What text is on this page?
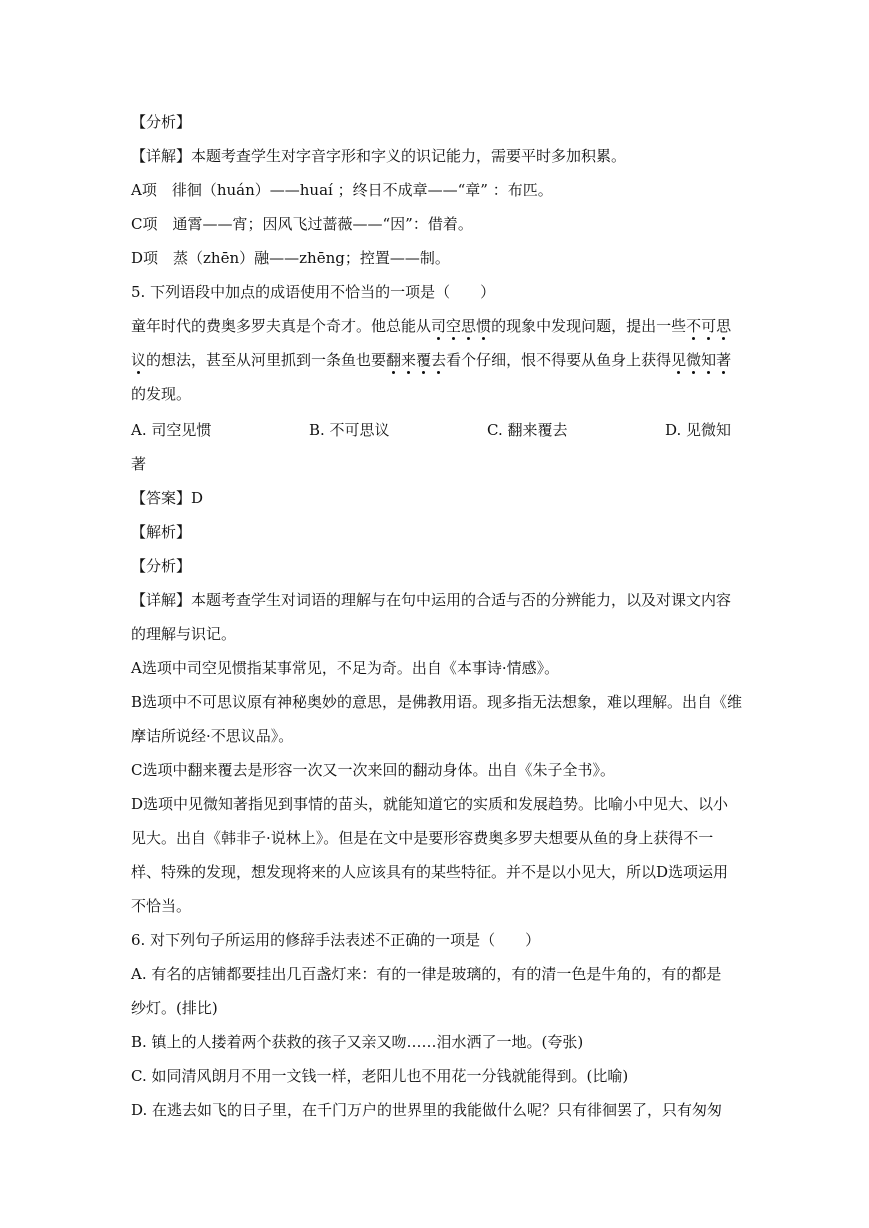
【分析】
【详解】本题考查学生对字音字形和字义的识记能力，需要平时多加积累。
A项　徘徊（huán）——huaí ；终日不成章——“章” ：布匹。
C项　通霄——宵；因风飞过蔷薇——“因”：借着。
D项　蒸（zhēn）融——zhēng；控置——制。
5. 下列语段中加点的成语使用不恰当的一项是（　　）
童年时代的费奥多罗夫真是个奇才。他总能从司空思惯的现象中发现问题，提出一些不可思
议的想法，甚至从河里抓到一条鱼也要翻来覆去看个仔细，恨不得要从鱼身上获得见微知著
的发现。
A. 司空见惯	B. 不可思议	C. 翻来覆去	D. 见微知
著
【答案】D
【解析】
【分析】
【详解】本题考查学生对词语的理解与在句中运用的合适与否的分辨能力，以及对课文内容
的理解与识记。
A选项中司空见惯指某事常见，不足为奇。出自《本事诗·情感》。
B选项中不可思议原有神秘奥妙的意思，是佛教用语。现多指无法想象，难以理解。出自《维
摩诘所说经·不思议品》。
C选项中翻来覆去是形容一次又一次来回的翻动身体。出自《朱子全书》。
D选项中见微知著指见到事情的苗头，就能知道它的实质和发展趋势。比喻小中见大、以小
见大。出自《韩非子·说林上》。但是在文中是要形容费奥多罗夫想要从鱼的身上获得不一
样、特殊的发现，想发现将来的人应该具有的某些特征。并不是以小见大，所以D选项运用
不恰当。
6. 对下列句子所运用的修辞手法表述不正确的一项是（　　）
A. 有名的店铺都要挂出几百盏灯来：有的一律是玻璃的，有的清一色是牛角的，有的都是
纱灯。(排比)
B. 镇上的人搂着两个获救的孩子又亲又吻……泪水洒了一地。(夸张)
C. 如同清风朗月不用一文钱一样，老阳儿也不用花一分钱就能得到。(比喻)
D. 在逃去如飞的日子里，在千门万户的世界里的我能做什么呢？只有徘徊罢了，只有匆匆
